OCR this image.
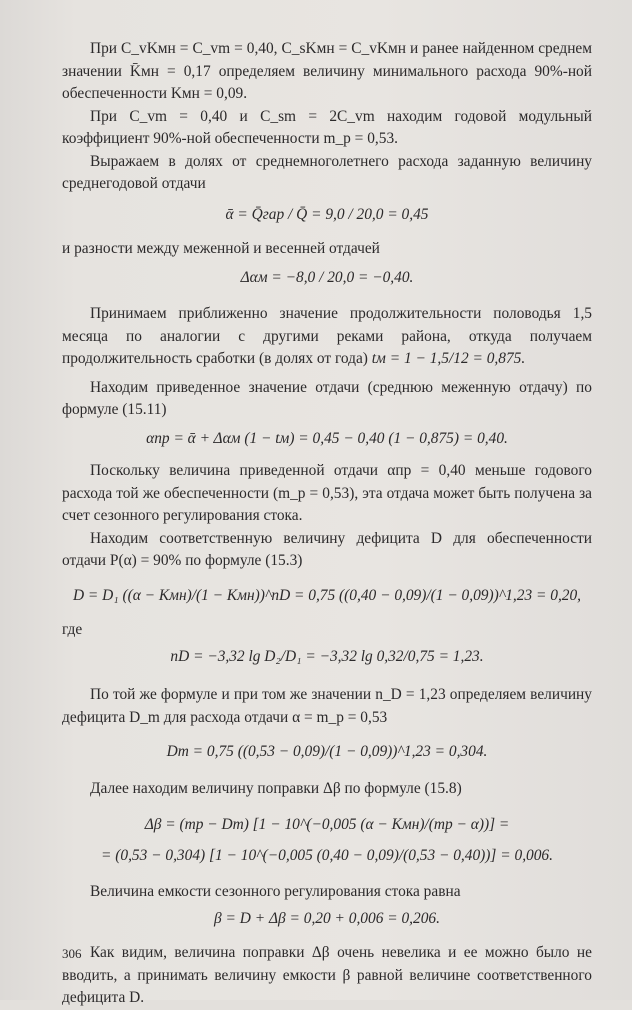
При C_vKмн = C_vm = 0,40, C_sKмн = C_vKмн и ранее найденном среднем значении K̄мн = 0,17 определяем величину минимального расхода 90%-ной обеспеченности Kмн = 0,09.

При C_vm = 0,40 и C_sm = 2C_vm находим годовой модульный коэффициент 90%-ной обеспеченности m_p = 0,53.

Выражаем в долях от среднемноголетнего расхода заданную величину среднегодовой отдачи

ᾱ = Q̄гар / Q̄ = 9,0 / 20,0 = 0,45

и разности между меженной и весенней отдачей

Δαм = −8,0 / 20,0 = −0,40.

Принимаем приближенно значение продолжительности половодья 1,5 месяца по аналогии с другими реками района, откуда получаем продолжительность сработки (в долях от года) tм = 1 − 1,5/12 = 0,875.

Находим приведенное значение отдачи (среднюю меженную отдачу) по формуле (15.11)

αпр = ᾱ + Δαм (1 − tм) = 0,45 − 0,40 (1 − 0,875) = 0,40.

Поскольку величина приведенной отдачи αпр = 0,40 меньше годового расхода той же обеспеченности (m_p = 0,53), эта отдача может быть получена за счет сезонного регулирования стока.

Находим соответственную величину дефицита D для обеспеченности отдачи P(α) = 90% по формуле (15.3)

D = D₁ ((α − Kмн)/(1 − Kмн))^nD = 0,75 ((0,40 − 0,09)/(1 − 0,09))^1,23 = 0,20,

где

nD = −3,32 lg D₂/D₁ = −3,32 lg 0,32/0,75 = 1,23.

По той же формуле и при том же значении n_D = 1,23 определяем величину дефицита D_m для расхода отдачи α = m_p = 0,53

Dm = 0,75 ((0,53 − 0,09)/(1 − 0,09))^1,23 = 0,304.

Далее находим величину поправки Δβ по формуле (15.8)

Δβ = (mp − Dm) [1 − 10^(−0,005 (α − Kмн)/(mp − α))] =
= (0,53 − 0,304) [1 − 10^(−0,005 (0,40 − 0,09)/(0,53 − 0,40))] = 0,006.

Величина емкости сезонного регулирования стока равна

β = D + Δβ = 0,20 + 0,006 = 0,206.

Как видим, величина поправки Δβ очень невелика и ее можно было не вводить, а принимать величину емкости β равной величине соответственного дефицита D.

306
